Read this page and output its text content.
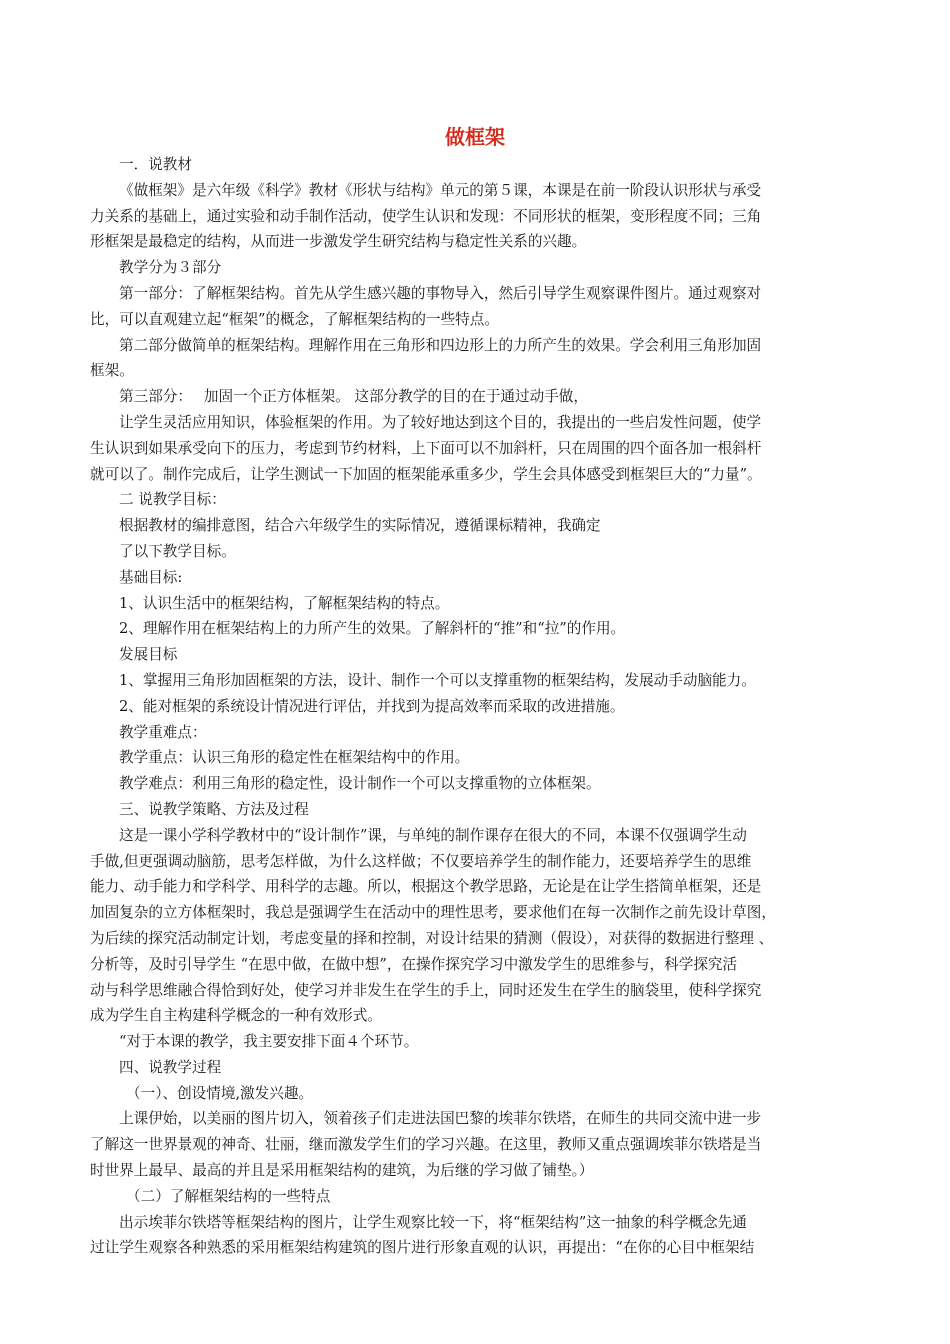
做框架
一．说教材
《做框架》是六年级《科学》教材《形状与结构》单元的第５课，本课是在前一阶段认识形状与承受
力关系的基础上，通过实验和动手制作活动，使学生认识和发现：不同形状的框架，变形程度不同；三角
形框架是最稳定的结构，从而进一步激发学生研究结构与稳定性关系的兴趣。
教学分为３部分
第一部分：了解框架结构。首先从学生感兴趣的事物导入，然后引导学生观察课件图片。通过观察对
比，可以直观建立起“框架”的概念，了解框架结构的一些特点。
第二部分做简单的框架结构。理解作用在三角形和四边形上的力所产生的效果。学会利用三角形加固
框架。
第三部分：　 加固一个正方体框架。 这部分教学的目的在于通过动手做，
让学生灵活应用知识，体验框架的作用。为了较好地达到这个目的，我提出的一些启发性问题，使学
生认识到如果承受向下的压力，考虑到节约材料，上下面可以不加斜杆，只在周围的四个面各加一根斜杆
就可以了。制作完成后，让学生测试一下加固的框架能承重多少，学生会具体感受到框架巨大的“力量”。
二 说教学目标：
根据教材的编排意图，结合六年级学生的实际情况，遵循课标精神，我确定
了以下教学目标。
基础目标:
1、认识生活中的框架结构，了解框架结构的特点。
2、理解作用在框架结构上的力所产生的效果。了解斜杆的“推”和“拉”的作用。
发展目标
1、掌握用三角形加固框架的方法，设计、制作一个可以支撑重物的框架结构，发展动手动脑能力。
2、能对框架的系统设计情况进行评估，并找到为提高效率而采取的改进措施。
教学重难点：
教学重点：认识三角形的稳定性在框架结构中的作用。
教学难点：利用三角形的稳定性，设计制作一个可以支撑重物的立体框架。
三、说教学策略、方法及过程
这是一课小学科学教材中的“设计制作”课，与单纯的制作课存在很大的不同，本课不仅强调学生动
手做,但更强调动脑筋，思考怎样做，为什么这样做；不仅要培养学生的制作能力，还要培养学生的思维
能力、动手能力和学科学、用科学的志趣。所以，根据这个教学思路，无论是在让学生搭简单框架，还是
加固复杂的立方体框架时，我总是强调学生在活动中的理性思考，要求他们在每一次制作之前先设计草图，
为后续的探究活动制定计划，考虑变量的择和控制，对设计结果的猜测（假设），对获得的数据进行整理 、
分析等，及时引导学生 “在思中做，在做中想”，在操作探究学习中激发学生的思维参与，科学探究活
动与科学思维融合得恰到好处，使学习并非发生在学生的手上，同时还发生在学生的脑袋里，使科学探究
成为学生自主构建科学概念的一种有效形式。
“对于本课的教学，我主要安排下面４个环节。
四、说教学过程
（一）、创设情境,激发兴趣。
上课伊始，以美丽的图片切入，领着孩子们走进法国巴黎的埃菲尔铁塔，在师生的共同交流中进一步
了解这一世界景观的神奇、壮丽，继而激发学生们的学习兴趣。在这里，教师又重点强调埃菲尔铁塔是当
时世界上最早、最高的并且是采用框架结构的建筑，为后继的学习做了铺垫。）
（二）了解框架结构的一些特点
出示埃菲尔铁塔等框架结构的图片，让学生观察比较一下，将“框架结构”这一抽象的科学概念先通
过让学生观察各种熟悉的采用框架结构建筑的图片进行形象直观的认识，再提出：“在你的心目中框架结
